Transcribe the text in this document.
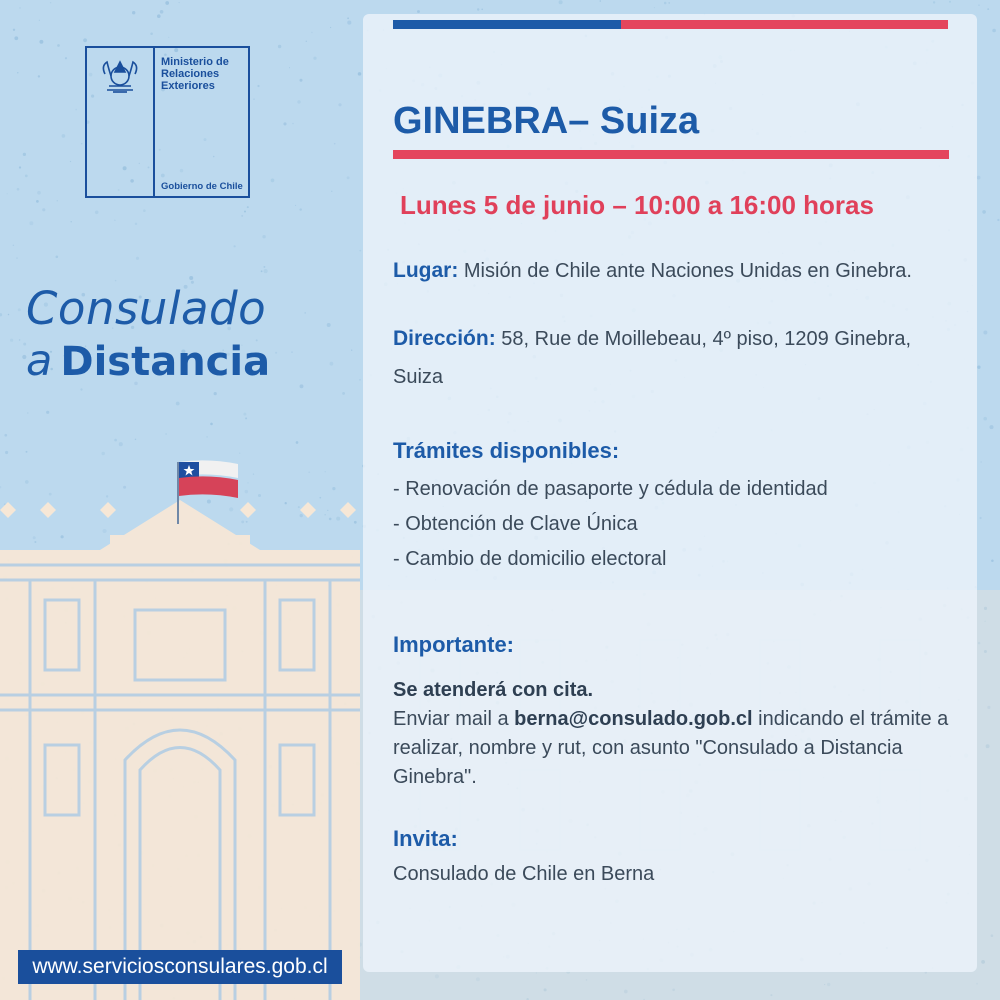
Ministerio de
Relaciones
Exteriores
Gobierno de Chile
Consulado
a Distancia
www.serviciosconsulares.gob.cl
GINEBRA– Suiza
Lunes 5 de junio – 10:00 a 16:00 horas
Lugar: Misión de Chile ante Naciones Unidas en Ginebra.
Dirección: 58, Rue de Moillebeau, 4º piso, 1209 Ginebra, Suiza
Trámites disponibles:
- Renovación de pasaporte y cédula de identidad
- Obtención de Clave Única
- Cambio de domicilio electoral
Importante:
Se atenderá con cita.
Enviar mail a berna@consulado.gob.cl indicando el trámite a realizar, nombre y rut, con asunto "Consulado a Distancia Ginebra".
Invita:
Consulado de Chile en Berna
